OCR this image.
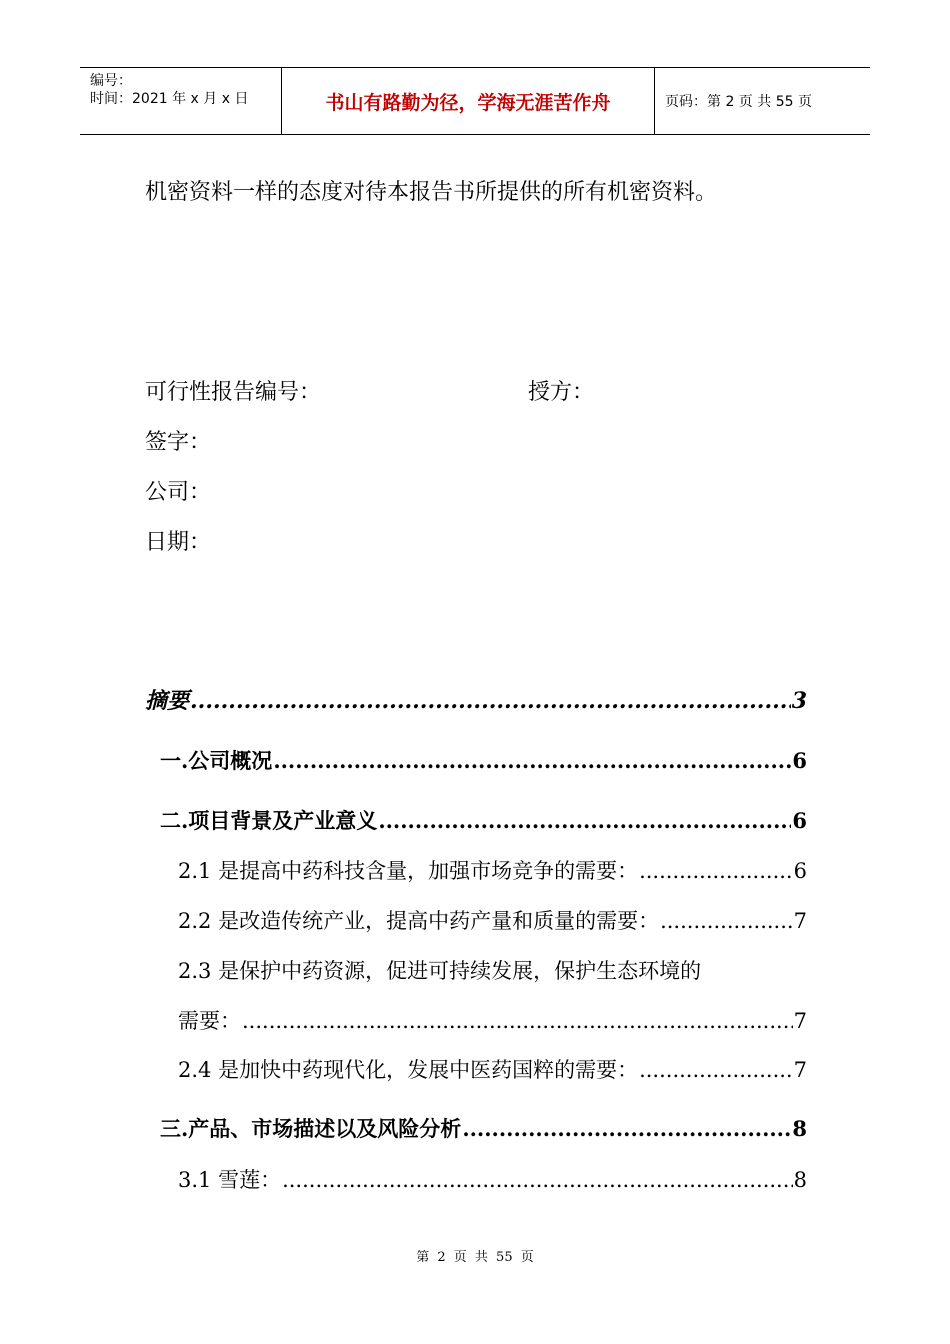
编号：
时间：2021 年 x 月 x 日	书山有路勤为径，学海无涯苦作舟	页码：第 2 页 共 55 页
机密资料一样的态度对待本报告书所提供的所有机密资料。
可行性报告编号：	授方：
签字：
公司：
日期：
摘要 .....	3
一.公司概况 .....	6
二.项目背景及产业意义 .....	6
2.1 是提高中药科技含量，加强市场竞争的需要： .....	6
2.2 是改造传统产业，提高中药产量和质量的需要： .....	7
2.3 是保护中药资源，促进可持续发展，保护生态环境的
需要： .....	7
2.4 是加快中药现代化，发展中医药国粹的需要： .....	7
三.产品、市场描述以及风险分析 .....	8
3.1 雪莲： .....	8
第 2 页 共 55 页
